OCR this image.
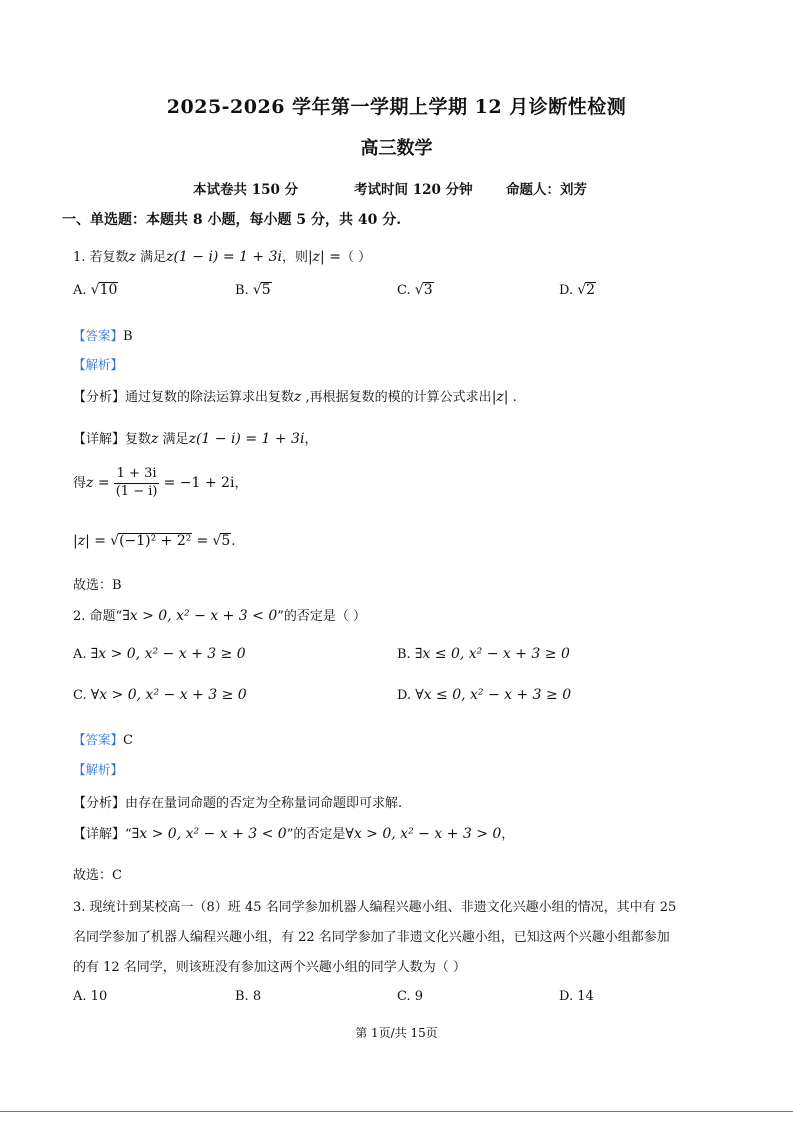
2025-2026 学年第一学期上学期 12 月诊断性检测
高三数学
本试卷共 150 分	考试时间 120 分钟 命题人：刘芳
一、单选题：本题共 8 小题，每小题 5 分，共 40 分.
1. 若复数z 满足z(1 − i) = 1 + 3i，则|z| =（ ）
A. √10	B. √5	C. √3	D. √2
【答案】B
【解析】
【分析】通过复数的除法运算求出复数z ,再根据复数的模的计算公式求出|z| .
【详解】复数z 满足z(1 − i) = 1 + 3i，
得$z = \frac{1 + 3i}{(1 - i)} = -1 + 2i$，
|z| = √(−1)² + 2² = √5.
故选：B
2. 命题“∃x > 0, x² − x + 3 < 0”的否定是（ ）
A. ∃x > 0, x² − x + 3 ≥ 0	B. ∃x ≤ 0, x² − x + 3 ≥ 0
C. ∀x > 0, x² − x + 3 ≥ 0	D. ∀x ≤ 0, x² − x + 3 ≥ 0
【答案】C
【解析】
【分析】由存在量词命题的否定为全称量词命题即可求解.
【详解】“∃x > 0, x² − x + 3 < 0”的否定是∀x > 0, x² − x + 3 > 0，
故选：C
3. 现统计到某校高一（8）班 45 名同学参加机器人编程兴趣小组、非遗文化兴趣小组的情况，其中有 25
名同学参加了机器人编程兴趣小组，有 22 名同学参加了非遗文化兴趣小组，已知这两个兴趣小组都参加
的有 12 名同学，则该班没有参加这两个兴趣小组的同学人数为（ ）
A. 10	B. 8	C. 9	D. 14
第 1页/共 15页
